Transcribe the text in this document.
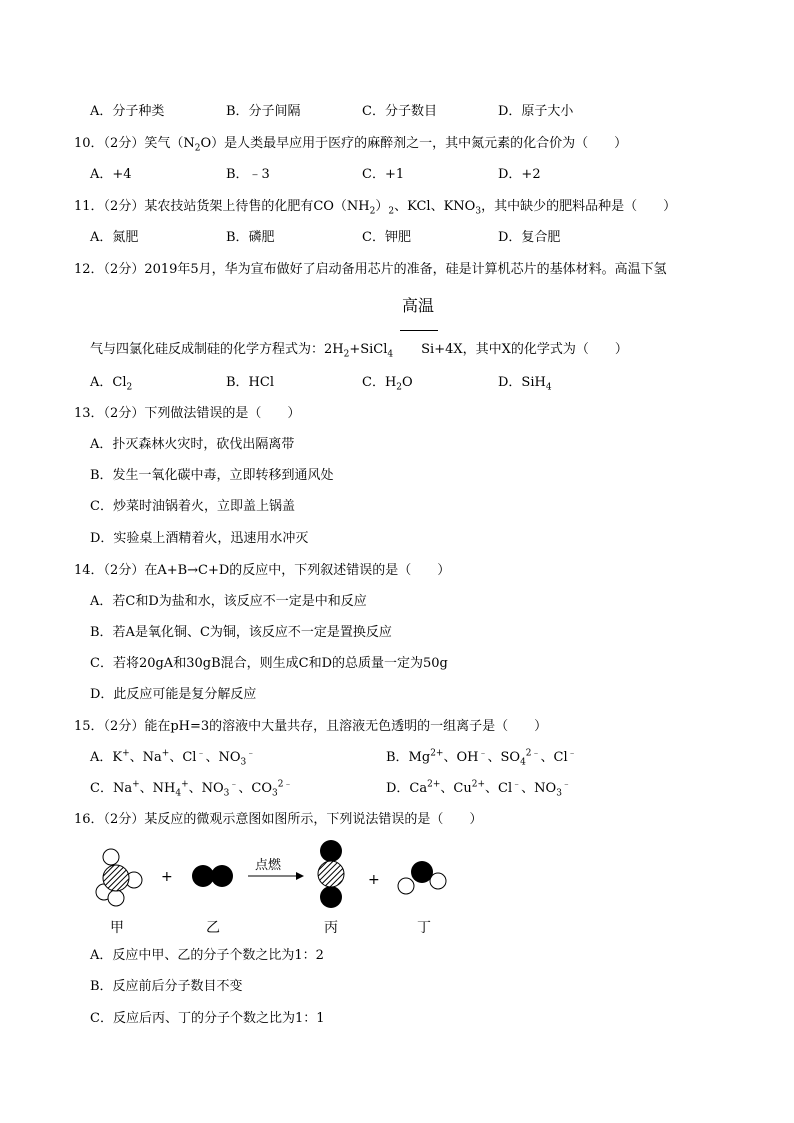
A．分子种类	B．分子间隔	C．分子数目	D．原子大小
10．（2分）笑气$(N_2O)$是人类最早应用于医疗的麻醉剂之一，其中氮元素的化合价为（　　）
A．+4	B．﹣3	C．+1	D．+2
11．（2分）某农技站货架上待售的化肥有$CO(NH_2)_2$、KCl、$KNO_3$，其中缺少的肥料品种是（　　）
A．氮肥	B．磷肥	C．钾肥	D．复合肥
12．（2分）2019年5月，华为宣布做好了启动备用芯片的准备，硅是计算机芯片的基体材料。高温下氢
高温
气与四氯化硅反成制硅的化学方程式为：$2H_2+SiCl_4$ Si+4X，其中X的化学式为（　　）
A．$Cl_2$	B．HCl	C．$H_2O$	D．SiH$_4$
13．（2分）下列做法错误的是（　　）
A．扑灭森林火灾时，砍伐出隔离带
B．发生一氧化碳中毒，立即转移到通风处
C．炒菜时油锅着火，立即盖上锅盖
D．实验桌上酒精着火，迅速用水冲灭
14．（2分）在A+B→C+D的反应中，下列叙述错误的是（　　）
A．若C和D为盐和水，该反应不一定是中和反应
B．若A是氧化铜、C为铜，该反应不一定是置换反应
C．若将20gA和30gB混合，则生成C和D的总质量一定为50g
D．此反应可能是复分解反应
15．（2分）能在pH=3的溶液中大量共存，且溶液无色透明的一组离子是（　　）
A．K+、Na+、Cl﹣、$NO_3^﹣$	B．$Mg^{2+}$、OH﹣、$SO_4^{2﹣}$、Cl﹣
C．Na+、$NH_4^+$、$NO_3^﹣$、$CO_3^{2﹣}$	D．$Ca^{2+}$、$Cu^{2+}$、Cl﹣、$NO_3^﹣$
16．（2分）某反应的微观示意图如图所示，下列说法错误的是（　　）
+
点燃
+
甲	乙	丙	丁
A．反应中甲、乙的分子个数之比为1：2
B．反应前后分子数目不变
C．反应后丙、丁的分子个数之比为1：1
